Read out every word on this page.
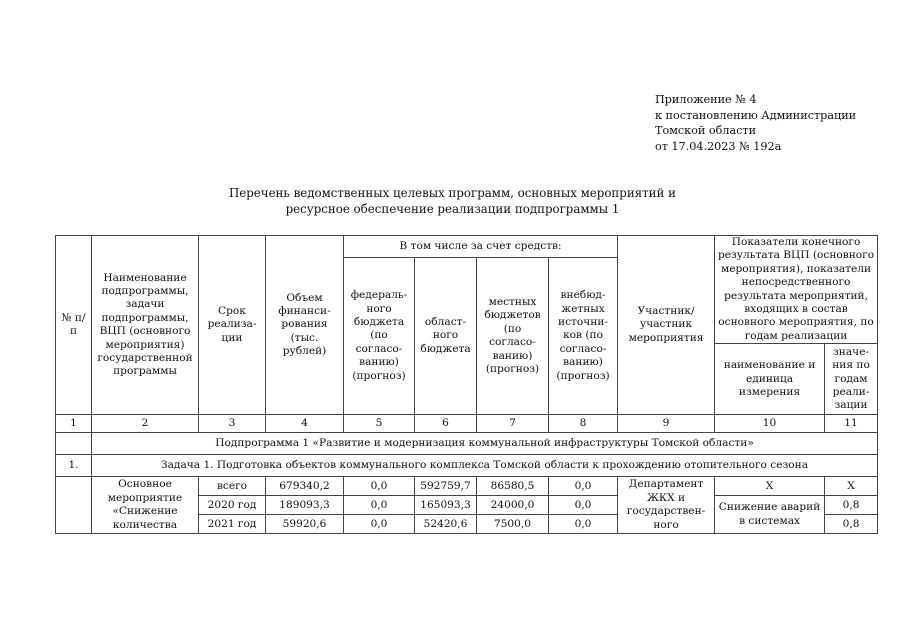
Приложение № 4
к постановлению Администрации
Томской области
от 17.04.2023 № 192а
Перечень ведомственных целевых программ, основных мероприятий и
ресурсное обеспечение реализации подпрограммы 1
№ п/п	Наименование подпрограммы, задачи подпрограммы, ВЦП (основного мероприятия) государственной программы	Срок реализа-ции	Объем финанси-рования (тыс. рублей)	В том числе за счет средств:				Участник/ участник мероприятия	Показатели конечного результата ВЦП (основного мероприятия), показатели непосредственного результата мероприятий, входящих в состав основного мероприятия, по годам реализации	
				федераль-ного бюджета (по согласо-ванию) (прогноз)	област-ного бюджета	местных бюджетов (по согласо-ванию) (прогноз)	внебюд-жетных источни-ков (по согласо-ванию) (прогноз)			
									наименование и единица измерения	значе-ния по годам реали-зации
1	2	3	4	5	6	7	8	9	10	11
	Подпрограмма 1 «Развитие и модернизация коммунальной инфраструктуры Томской области»									
1.	Задача 1. Подготовка объектов коммунального комплекса Томской области к прохождению отопительного сезона									
	Основное мероприятие «Снижение количества	всего	679340,2	0,0	592759,7	86580,5	0,0	Департамент ЖКХ и государствен-ного	Х	Х
		2020 год	189093,3	0,0	165093,3	24000,0	0,0		Снижение аварий в системах	0,8
		2021 год	59920,6	0,0	52420,6	7500,0	0,0			0,8
